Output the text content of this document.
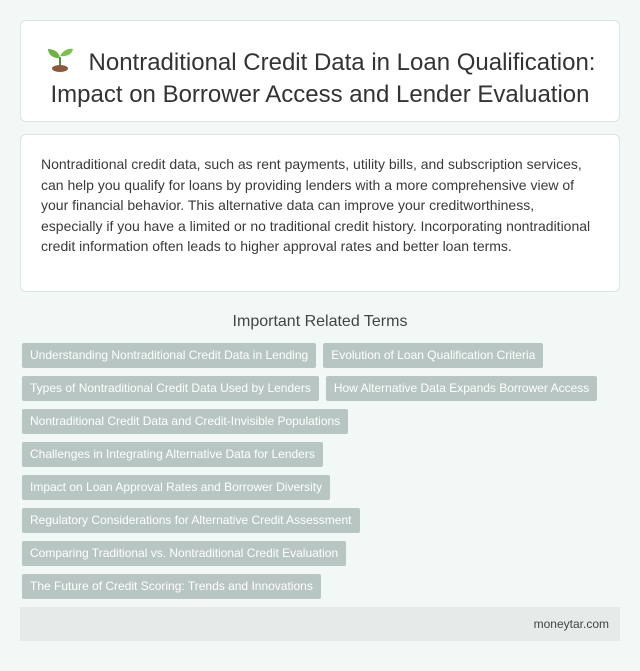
Nontraditional Credit Data in Loan Qualification: Impact on Borrower Access and Lender Evaluation

Nontraditional credit data, such as rent payments, utility bills, and subscription services, can help you qualify for loans by providing lenders with a more comprehensive view of your financial behavior. This alternative data can improve your creditworthiness, especially if you have a limited or no traditional credit history. Incorporating nontraditional credit information often leads to higher approval rates and better loan terms.

Important Related Terms
Understanding Nontraditional Credit Data in Lending	Evolution of Loan Qualification Criteria
Types of Nontraditional Credit Data Used by Lenders	How Alternative Data Expands Borrower Access
Nontraditional Credit Data and Credit-Invisible Populations
Challenges in Integrating Alternative Data for Lenders
Impact on Loan Approval Rates and Borrower Diversity
Regulatory Considerations for Alternative Credit Assessment
Comparing Traditional vs. Nontraditional Credit Evaluation
The Future of Credit Scoring: Trends and Innovations
moneytar.com
